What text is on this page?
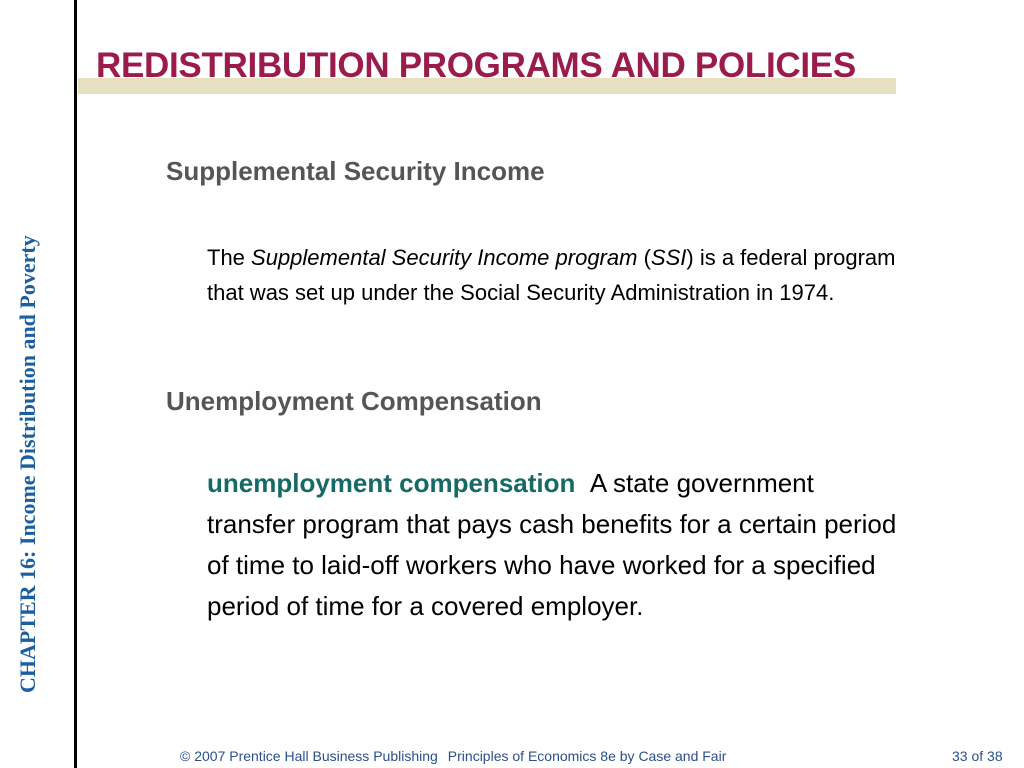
CHAPTER 16: Income Distribution and Poverty
REDISTRIBUTION PROGRAMS AND POLICIES
Supplemental Security Income

The Supplemental Security Income program (SSI) is a federal program that was set up under the Social Security Administration in 1974.

Unemployment Compensation

unemployment compensation A state government transfer program that pays cash benefits for a certain period of time to laid-off workers who have worked for a specified period of time for a covered employer.

© 2007 Prentice Hall Business Publishing Principles of Economics 8e by Case and Fair	33 of 38
